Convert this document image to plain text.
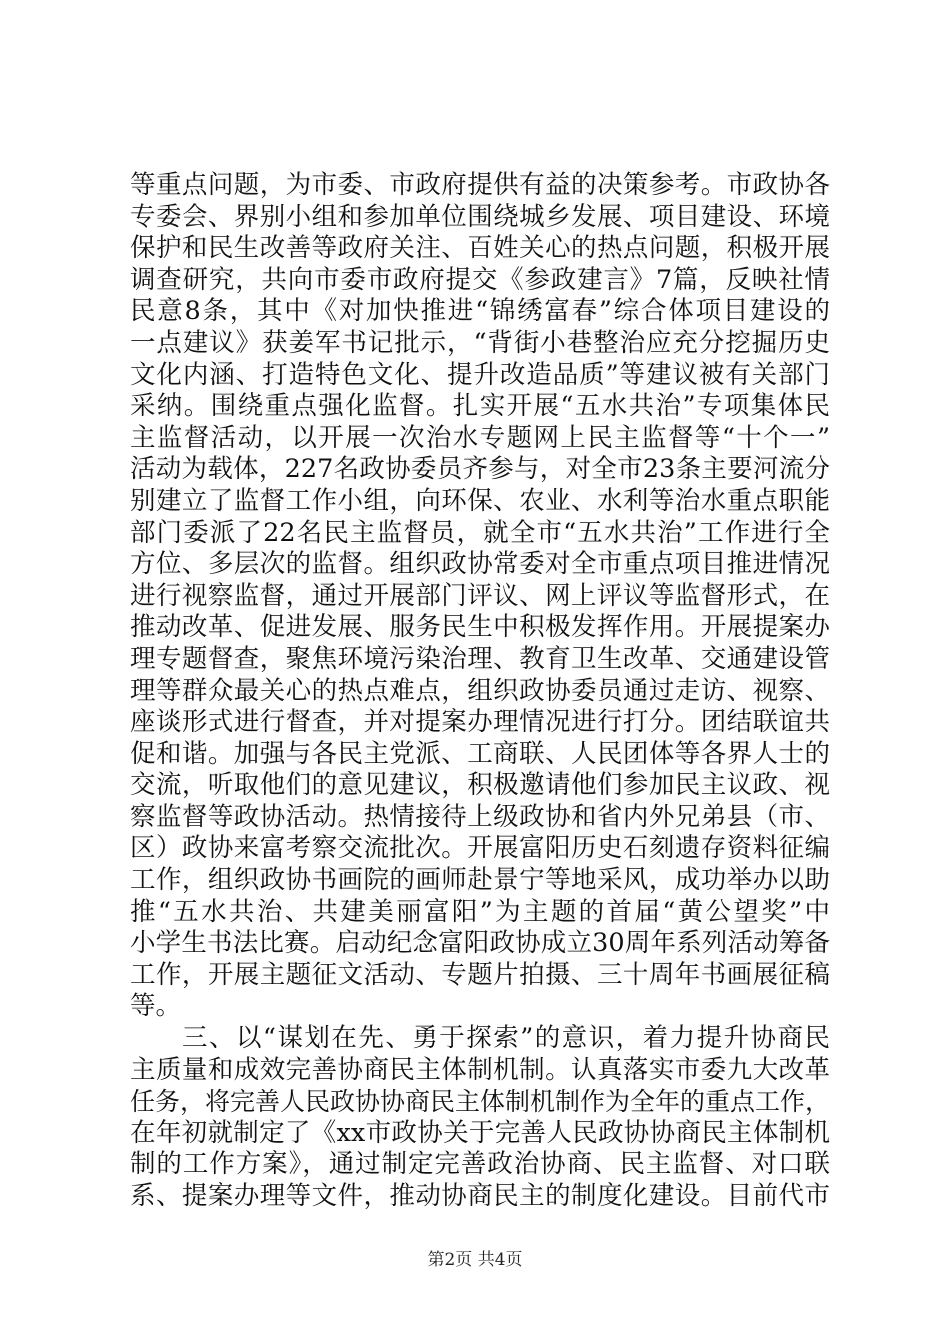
等重点问题，为市委、市政府提供有益的决策参考。市政协各
专委会、界别小组和参加单位围绕城乡发展、项目建设、环境
保护和民生改善等政府关注、百姓关心的热点问题，积极开展
调查研究，共向市委市政府提交《参政建言》7篇，反映社情
民意8条，其中《对加快推进“锦绣富春”综合体项目建设的
一点建议》获姜军书记批示，“背街小巷整治应充分挖掘历史
文化内涵、打造特色文化、提升改造品质”等建议被有关部门
采纳。围绕重点强化监督。扎实开展“五水共治”专项集体民
主监督活动，以开展一次治水专题网上民主监督等“十个一”
活动为载体，227名政协委员齐参与，对全市23条主要河流分
别建立了监督工作小组，向环保、农业、水利等治水重点职能
部门委派了22名民主监督员，就全市“五水共治”工作进行全
方位、多层次的监督。组织政协常委对全市重点项目推进情况
进行视察监督，通过开展部门评议、网上评议等监督形式，在
推动改革、促进发展、服务民生中积极发挥作用。开展提案办
理专题督查，聚焦环境污染治理、教育卫生改革、交通建设管
理等群众最关心的热点难点，组织政协委员通过走访、视察、
座谈形式进行督查，并对提案办理情况进行打分。团结联谊共
促和谐。加强与各民主党派、工商联、人民团体等各界人士的
交流，听取他们的意见建议，积极邀请他们参加民主议政、视
察监督等政协活动。热情接待上级政协和省内外兄弟县（市、
区）政协来富考察交流批次。开展富阳历史石刻遗存资料征编
工作，组织政协书画院的画师赴景宁等地采风，成功举办以助
推“五水共治、共建美丽富阳”为主题的首届“黄公望奖”中
小学生书法比赛。启动纪念富阳政协成立30周年系列活动筹备
工作，开展主题征文活动、专题片拍摄、三十周年书画展征稿
等。
三、以“谋划在先、勇于探索”的意识，着力提升协商民
主质量和成效完善协商民主体制机制。认真落实市委九大改革
任务，将完善人民政协协商民主体制机制作为全年的重点工作，
在年初就制定了《xx市政协关于完善人民政协协商民主体制机
制的工作方案》，通过制定完善政治协商、民主监督、对口联
系、提案办理等文件，推动协商民主的制度化建设。目前代市
第2页 共4页
